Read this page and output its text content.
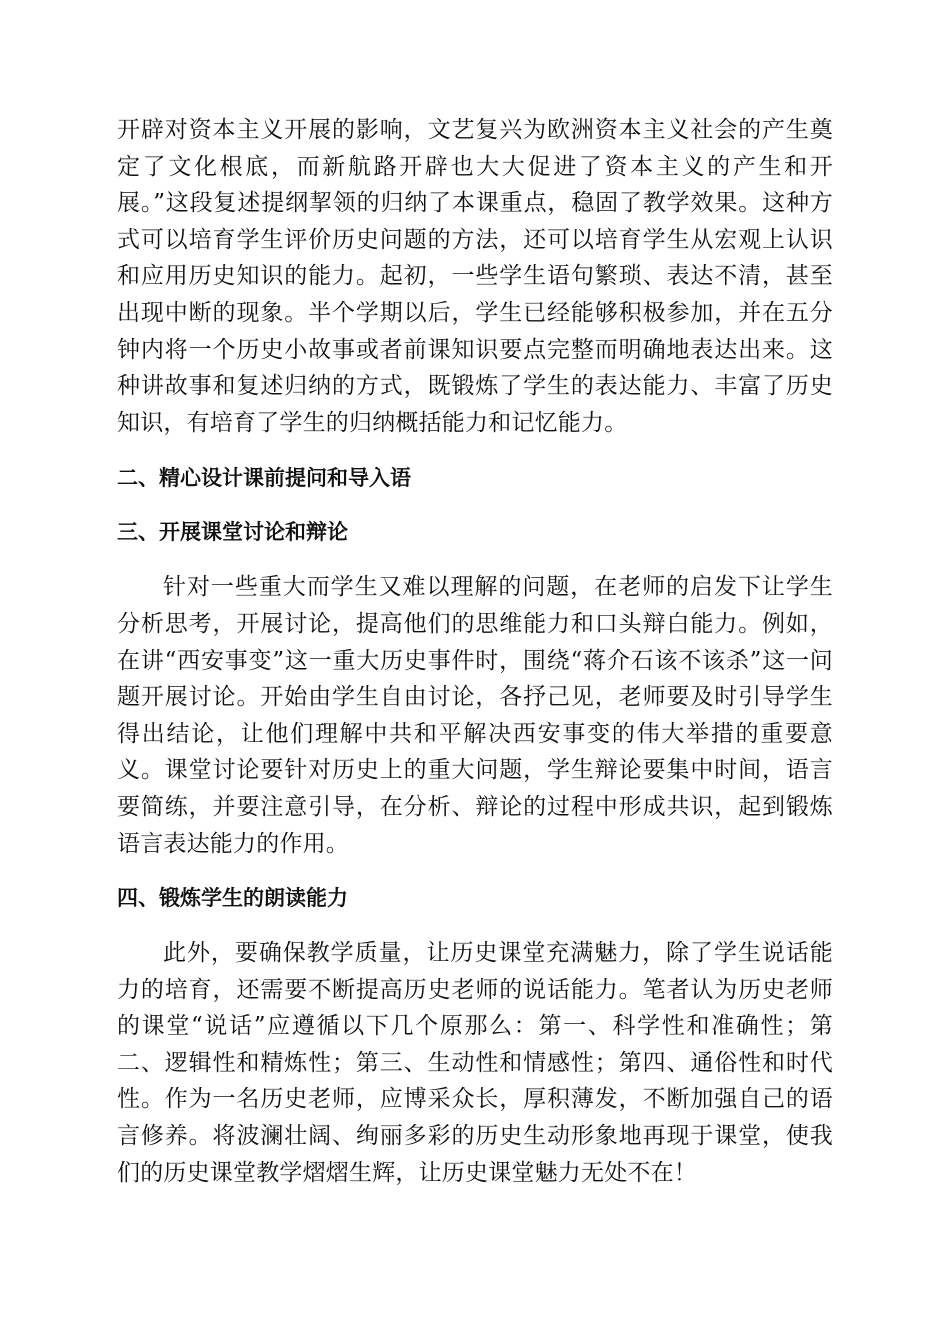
开辟对资本主义开展的影响，文艺复兴为欧洲资本主义社会的产生奠定了文化根底，而新航路开辟也大大促进了资本主义的产生和开展。”这段复述提纲挈领的归纳了本课重点，稳固了教学效果。这种方式可以培育学生评价历史问题的方法，还可以培育学生从宏观上认识和应用历史知识的能力。起初，一些学生语句繁琐、表达不清，甚至出现中断的现象。半个学期以后，学生已经能够积极参加，并在五分钟内将一个历史小故事或者前课知识要点完整而明确地表达出来。这种讲故事和复述归纳的方式，既锻炼了学生的表达能力、丰富了历史知识，有培育了学生的归纳概括能力和记忆能力。

二、精心设计课前提问和导入语
三、开展课堂讨论和辩论

针对一些重大而学生又难以理解的问题，在老师的启发下让学生分析思考，开展讨论，提高他们的思维能力和口头辩白能力。例如，在讲“西安事变”这一重大历史事件时，围绕“蒋介石该不该杀”这一问题开展讨论。开始由学生自由讨论，各抒己见，老师要及时引导学生得出结论，让他们理解中共和平解决西安事变的伟大举措的重要意义。课堂讨论要针对历史上的重大问题，学生辩论要集中时间，语言要简练，并要注意引导，在分析、辩论的过程中形成共识，起到锻炼语言表达能力的作用。

四、锻炼学生的朗读能力

此外，要确保教学质量，让历史课堂充满魅力，除了学生说话能力的培育，还需要不断提高历史老师的说话能力。笔者认为历史老师的课堂“说话”应遵循以下几个原那么：第一、科学性和准确性；第二、逻辑性和精炼性；第三、生动性和情感性；第四、通俗性和时代性。作为一名历史老师，应博采众长，厚积薄发，不断加强自己的语言修养。将波澜壮阔、绚丽多彩的历史生动形象地再现于课堂，使我们的历史课堂教学熠熠生辉，让历史课堂魅力无处不在！
